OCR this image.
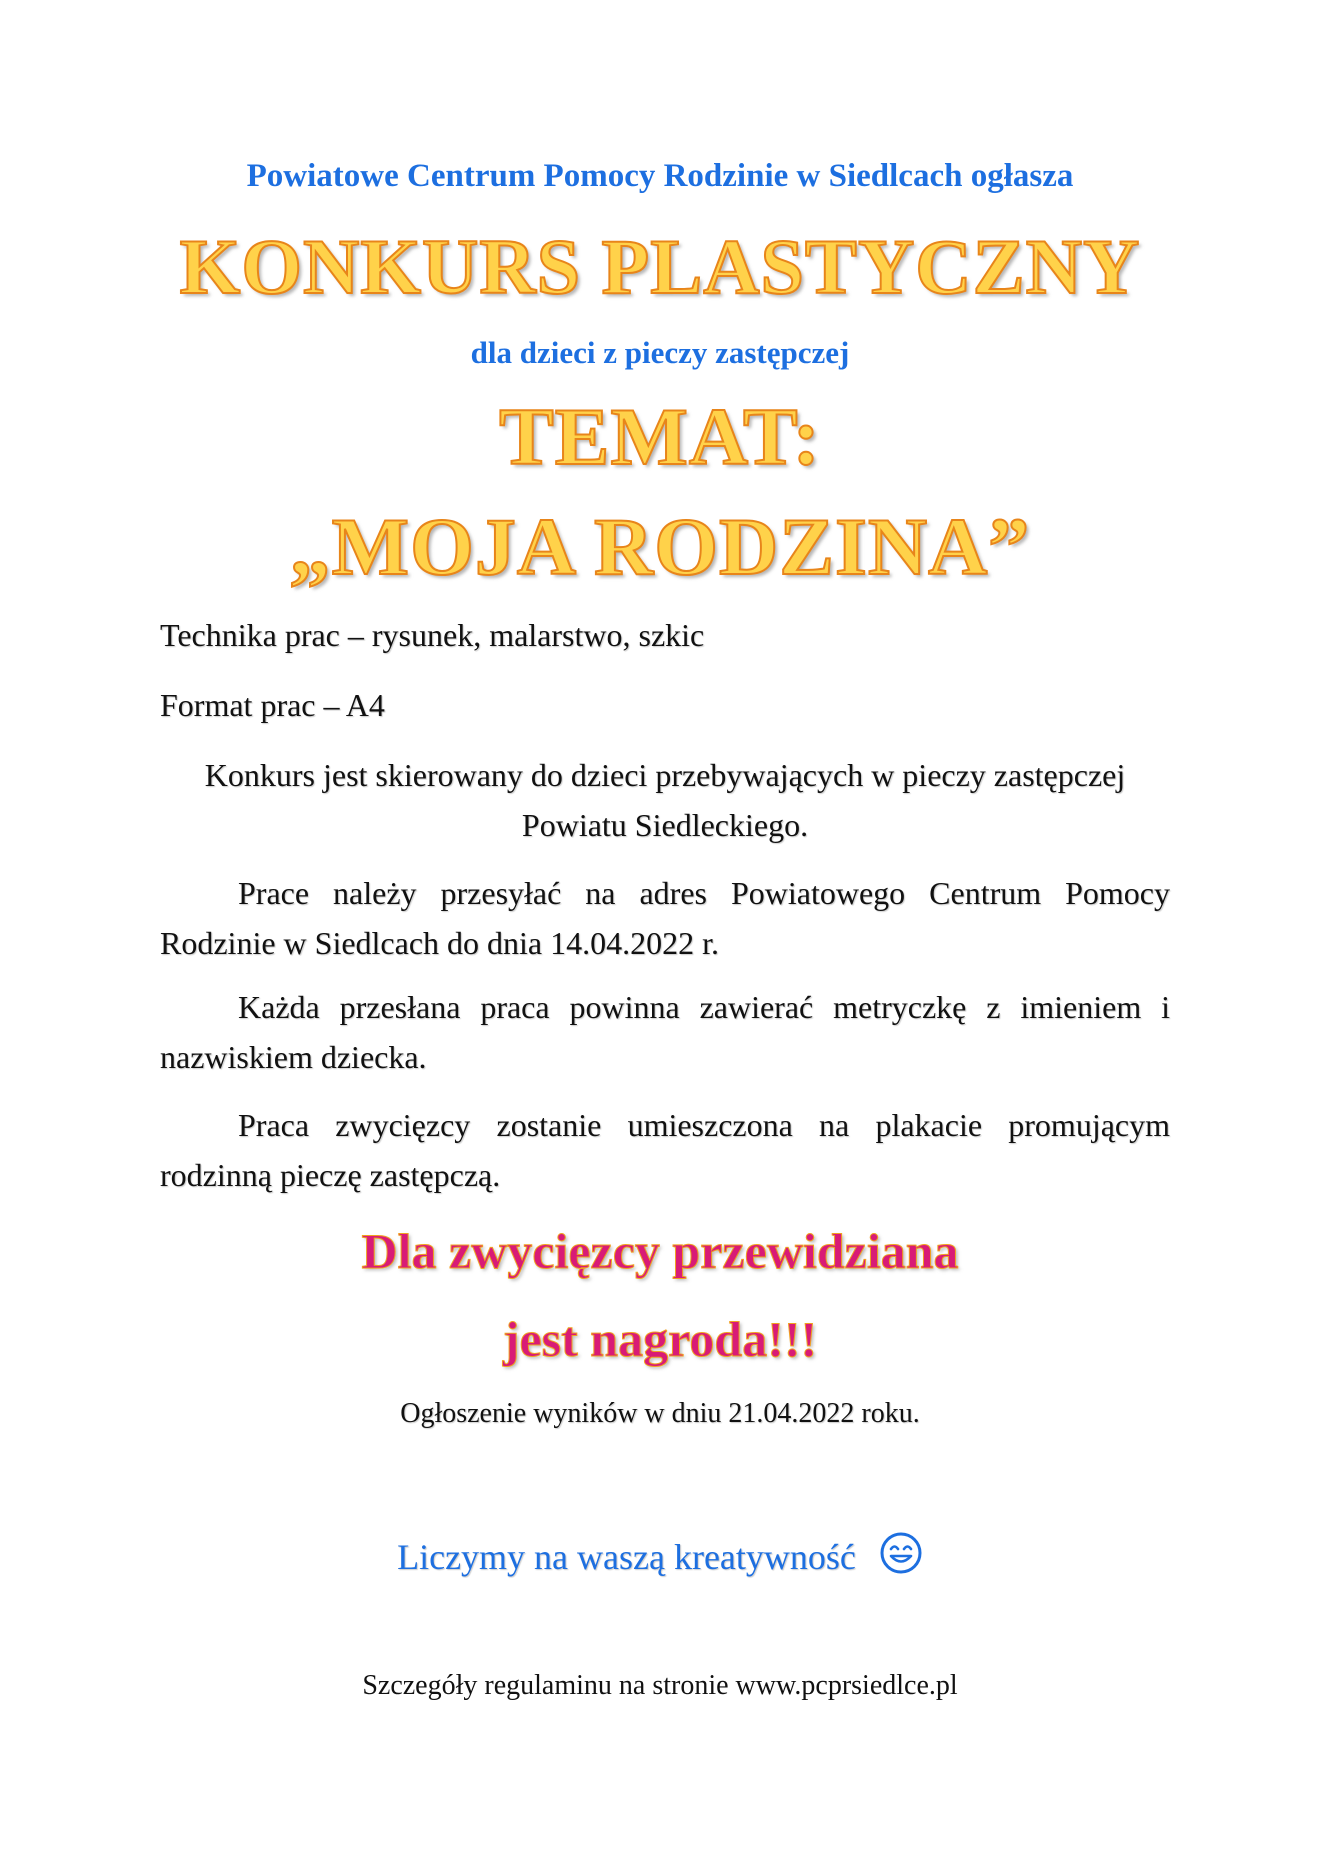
Powiatowe Centrum Pomocy Rodzinie w Siedlcach ogłasza
KONKURS PLASTYCZNY
dla dzieci z pieczy zastępczej
TEMAT:
„MOJA RODZINA”
Technika prac – rysunek, malarstwo, szkic
Format prac – A4
Konkurs jest skierowany do dzieci przebywających w pieczy zastępczej Powiatu Siedleckiego.
Prace należy przesyłać na adres Powiatowego Centrum Pomocy Rodzinie w Siedlcach do dnia 14.04.2022 r.
Każda przesłana praca powinna zawierać metryczkę z imieniem i nazwiskiem dziecka.
Praca zwycięzcy zostanie umieszczona na plakacie promującym rodzinną pieczę zastępczą.
Dla zwycięzcy przewidziana
jest nagroda!!!
Ogłoszenie wyników w dniu 21.04.2022 roku.
Liczymy na waszą kreatywność
Szczegóły regulaminu na stronie www.pcprsiedlce.pl
